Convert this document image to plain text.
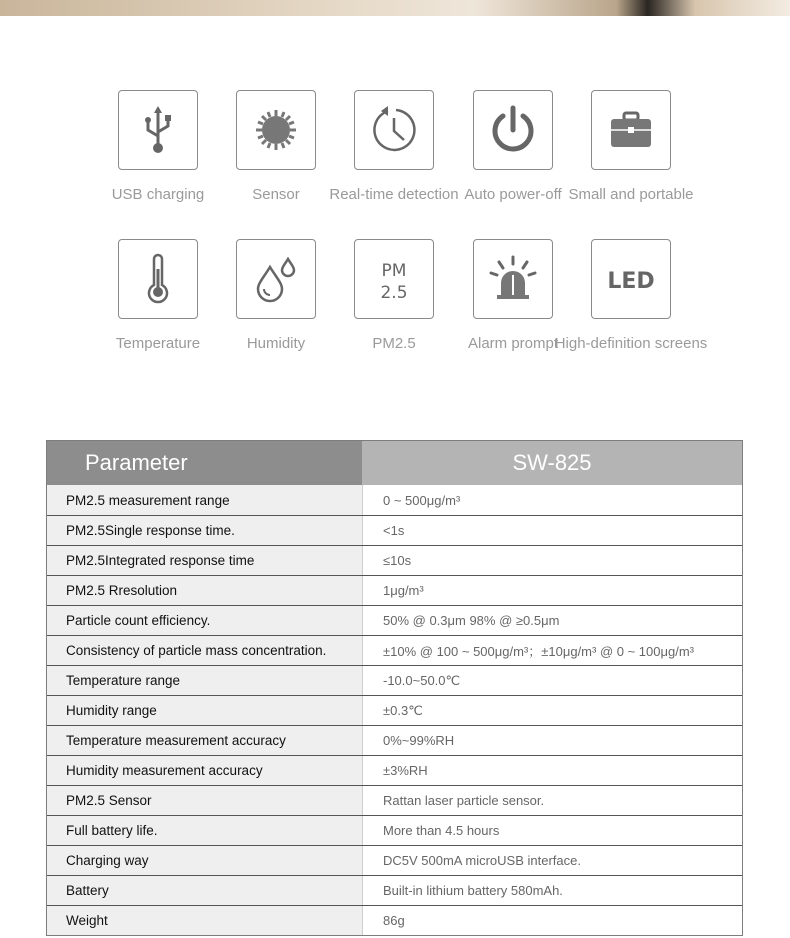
USB charging	Sensor	Real-time detection Auto power-off Small and portable
Temperature	Humidity
PM
2.5
PM2.5	Alarm prompt
LED
High-definition screens
Parameter	SW-825
PM2.5 measurement range	0 ~ 500μg/m³
PM2.5Single response time.	<1s
PM2.5Integrated response time	≤10s
PM2.5 Rresolution	1μg/m³
Particle count efficiency.	50% @ 0.3μm 98% @ ≥0.5μm
Consistency of particle mass concentration.	±10% @ 100 ~ 500μg/m³；±10μg/m³ @ 0 ~ 100μg/m³
Temperature range	-10.0~50.0℃
Humidity range	±0.3℃
Temperature measurement accuracy	0%~99%RH
Humidity measurement accuracy	±3%RH
PM2.5 Sensor	Rattan laser particle sensor.
Full battery life.	More than 4.5 hours
Charging way	DC5V 500mA microUSB interface.
Battery	Built-in lithium battery 580mAh.
Weight	86g
